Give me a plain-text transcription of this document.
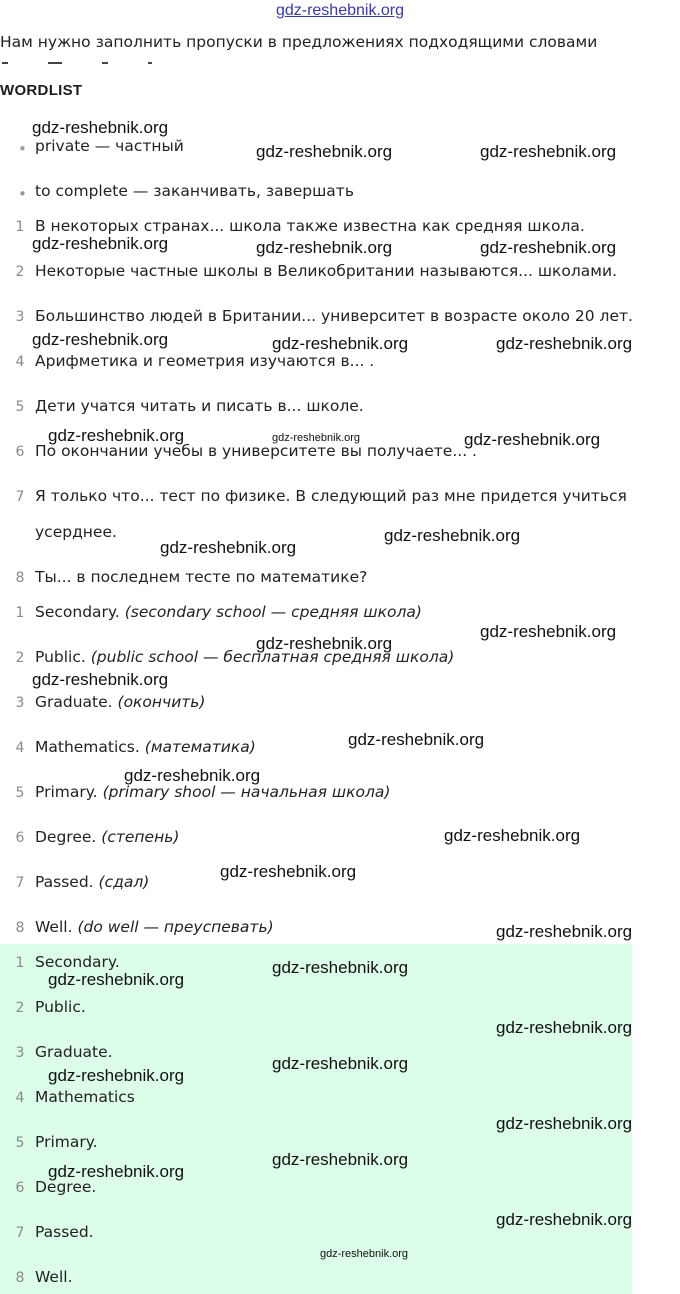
gdz-reshebnik.org
Нам нужно заполнить пропуски в предложениях подходящими словами
WORDLIST
• private — частный
• to complete — заканчивать, завершать
1 В некоторых странах... школа также известна как средняя школа.
2 Некоторые частные школы в Великобритании называются... школами.
3 Большинство людей в Британии... университет в возрасте около 20 лет.
4 Арифметика и геометрия изучаются в... .
5 Дети учатся читать и писать в... школе.
6 По окончании учебы в университете вы получаете... .
7 Я только что... тест по физике. В следующий раз мне придется учиться
усерднее.
8 Ты... в последнем тесте по математике?
1 Secondary. (secondary school — средняя школа)
2 Public. (public school — бесплатная средняя школа)
3 Graduate. (окончить)
4 Mathematics. (математика)
5 Primary. (primary shool — начальная школа)
6 Degree. (степень)
7 Passed. (сдал)
8 Well. (do well — преуспевать)
1 Secondary.
2 Public.
3 Graduate.
4 Mathematics
5 Primary.
6 Degree.
7 Passed.
8 Well.
gdz-reshebnik.org
gdz-reshebnik.org	gdz-reshebnik.org
gdz-reshebnik.org	gdz-reshebnik.org	gdz-reshebnik.org
gdz-reshebnik.org	gdz-reshebnik.org	gdz-reshebnik.org
gdz-reshebnik.org	gdz-reshebnik.org	gdz-reshebnik.org
gdz-reshebnik.org
gdz-reshebnik.org
gdz-reshebnik.org
gdz-reshebnik.org
gdz-reshebnik.org
gdz-reshebnik.org
gdz-reshebnik.org
gdz-reshebnik.org
gdz-reshebnik.org
gdz-reshebnik.org
gdz-reshebnik.org
gdz-reshebnik.org
gdz-reshebnik.org
gdz-reshebnik.org
gdz-reshebnik.org
gdz-reshebnik.org
gdz-reshebnik.org
gdz-reshebnik.org
gdz-reshebnik.org
gdz-reshebnik.org
